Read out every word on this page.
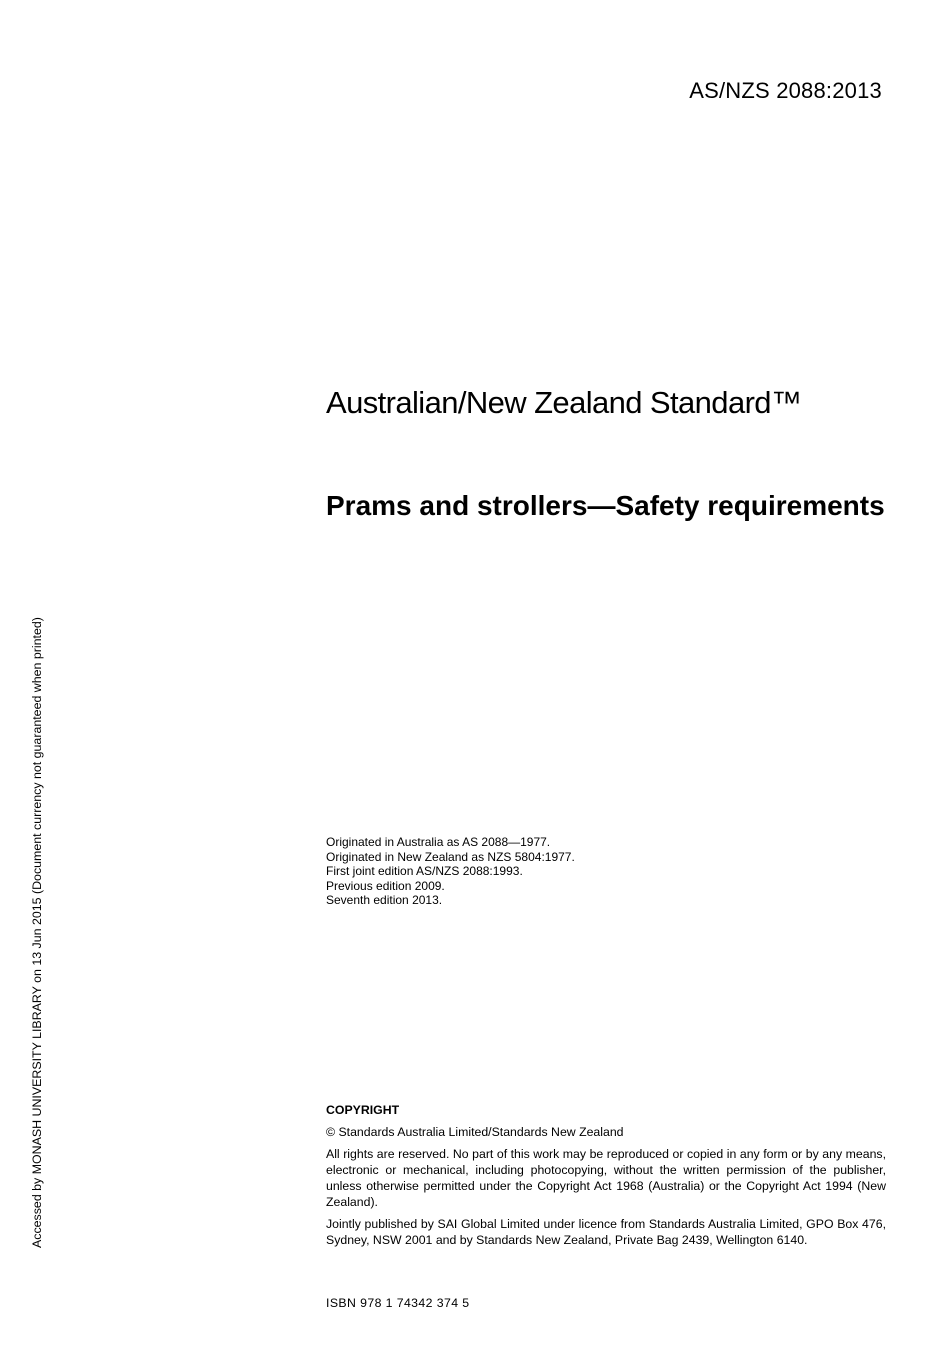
AS/NZS 2088:2013
Australian/New Zealand Standard™
Prams and strollers—Safety requirements
Originated in Australia as AS 2088—1977.
Originated in New Zealand as NZS 5804:1977.
First joint edition AS/NZS 2088:1993.
Previous edition 2009.
Seventh edition 2013.
Accessed by MONASH UNIVERSITY LIBRARY on 13 Jun 2015 (Document currency not guaranteed when printed)	COPYRIGHT

© Standards Australia Limited/Standards New Zealand

All rights are reserved. No part of this work may be reproduced or copied in any form or by any means, electronic or mechanical, including photocopying, without the written permission of the publisher, unless otherwise permitted under the Copyright Act 1968 (Australia) or the Copyright Act 1994 (New Zealand).

Jointly published by SAI Global Limited under licence from Standards Australia Limited, GPO Box 476, Sydney, NSW 2001 and by Standards New Zealand, Private Bag 2439, Wellington 6140.

ISBN 978 1 74342 374 5
